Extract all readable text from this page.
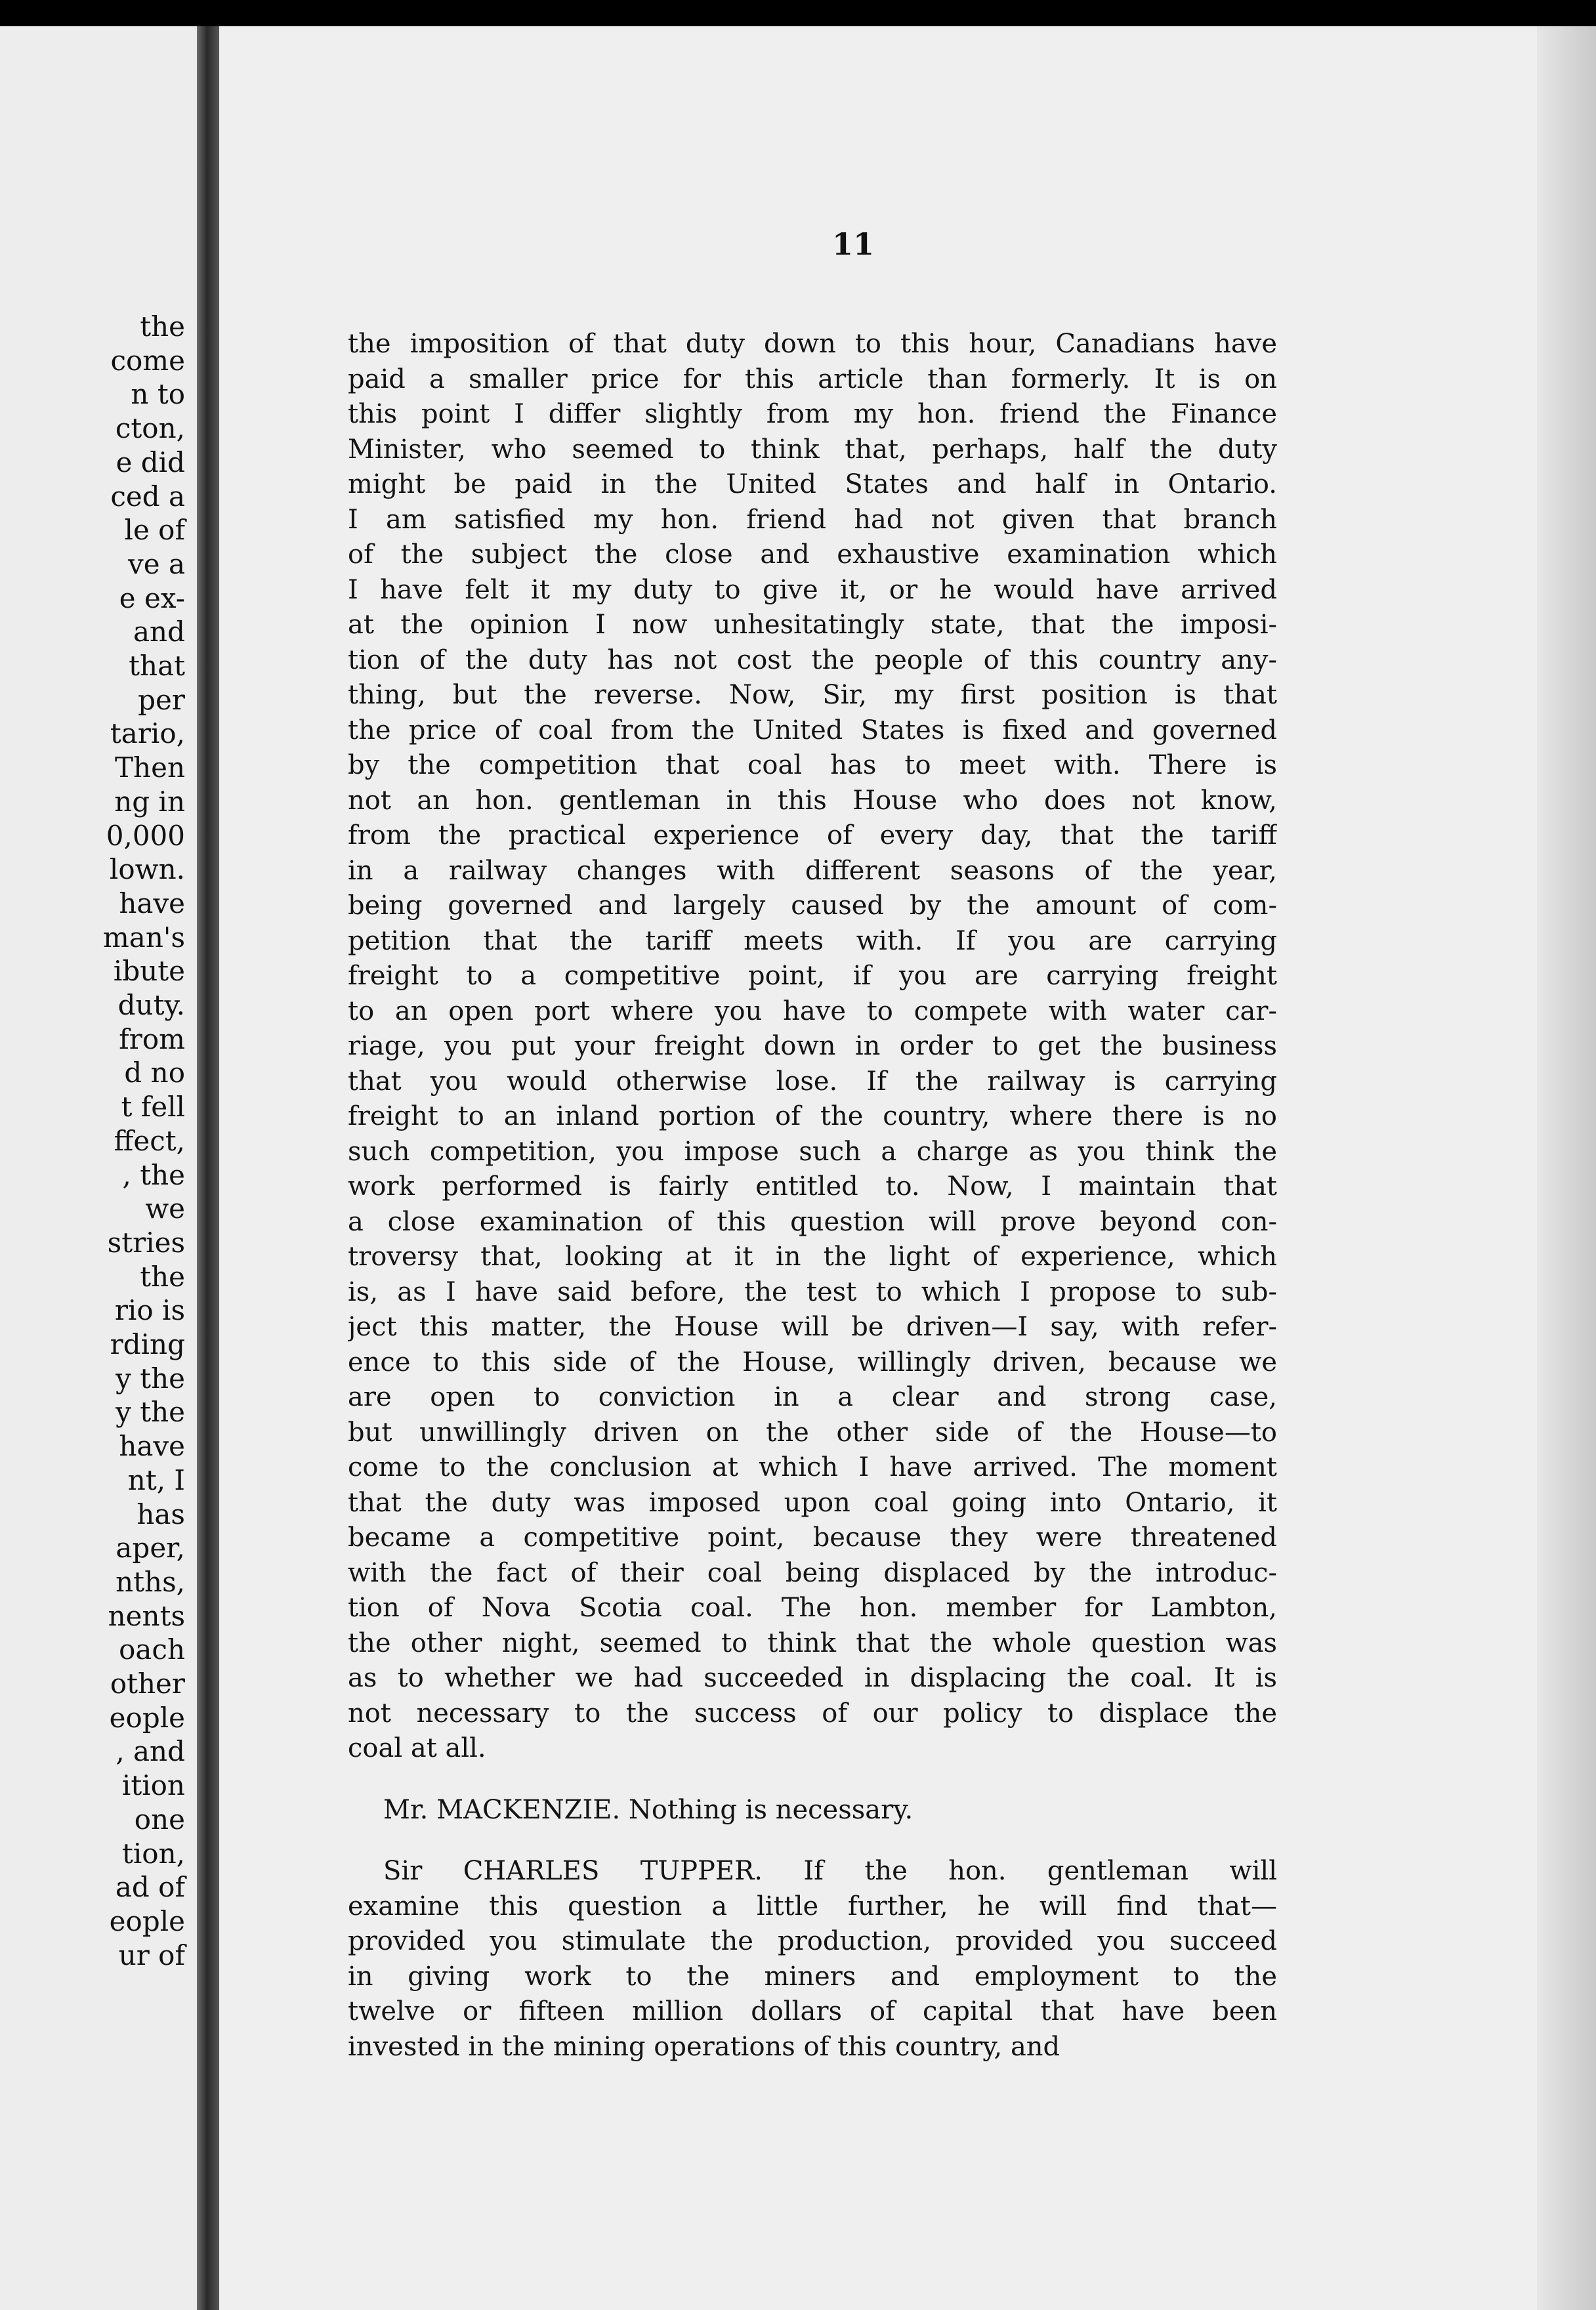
the
come
n to
cton,
e did
ced a
le of
ve a
e ex-
and
that
per
tario,
Then
ng in
0,000
lown.
have
man's
ibute
duty.
from
d no
t fell
ffect,
, the
we
stries
the
rio is
rding
y the
y the
have
nt, I
has
aper,
nths,
nents
oach
other
eople
, and
ition
one
tion,
ad of
eople
ur of
11
the imposition of that duty down to this hour, Canadians have
paid a smaller price for this article than formerly. It is on
this point I differ slightly from my hon. friend the Finance
Minister, who seemed to think that, perhaps, half the duty
might be paid in the United States and half in Ontario.
I am satisfied my hon. friend had not given that branch
of the subject the close and exhaustive examination which
I have felt it my duty to give it, or he would have arrived
at the opinion I now unhesitatingly state, that the imposi-
tion of the duty has not cost the people of this country any-
thing, but the reverse. Now, Sir, my first position is that
the price of coal from the United States is fixed and governed
by the competition that coal has to meet with. There is
not an hon. gentleman in this House who does not know,
from the practical experience of every day, that the tariff
in a railway changes with different seasons of the year,
being governed and largely caused by the amount of com-
petition that the tariff meets with. If you are carrying
freight to a competitive point, if you are carrying freight
to an open port where you have to compete with water car-
riage, you put your freight down in order to get the business
that you would otherwise lose. If the railway is carrying
freight to an inland portion of the country, where there is no
such competition, you impose such a charge as you think the
work performed is fairly entitled to. Now, I maintain that
a close examination of this question will prove beyond con-
troversy that, looking at it in the light of experience, which
is, as I have said before, the test to which I propose to sub-
ject this matter, the House will be driven—I say, with refer-
ence to this side of the House, willingly driven, because we
are open to conviction in a clear and strong case,
but unwillingly driven on the other side of the House—to
come to the conclusion at which I have arrived. The moment
that the duty was imposed upon coal going into Ontario, it
became a competitive point, because they were threatened
with the fact of their coal being displaced by the introduc-
tion of Nova Scotia coal. The hon. member for Lambton,
the other night, seemed to think that the whole question was
as to whether we had succeeded in displacing the coal. It is
not necessary to the success of our policy to displace the
coal at all.
Mr. MACKENZIE. Nothing is necessary.
Sir CHARLES TUPPER. If the hon. gentleman will
examine this question a little further, he will find that—
provided you stimulate the production, provided you succeed
in giving work to the miners and employment to the
twelve or fifteen million dollars of capital that have been
invested in the mining operations of this country, and
